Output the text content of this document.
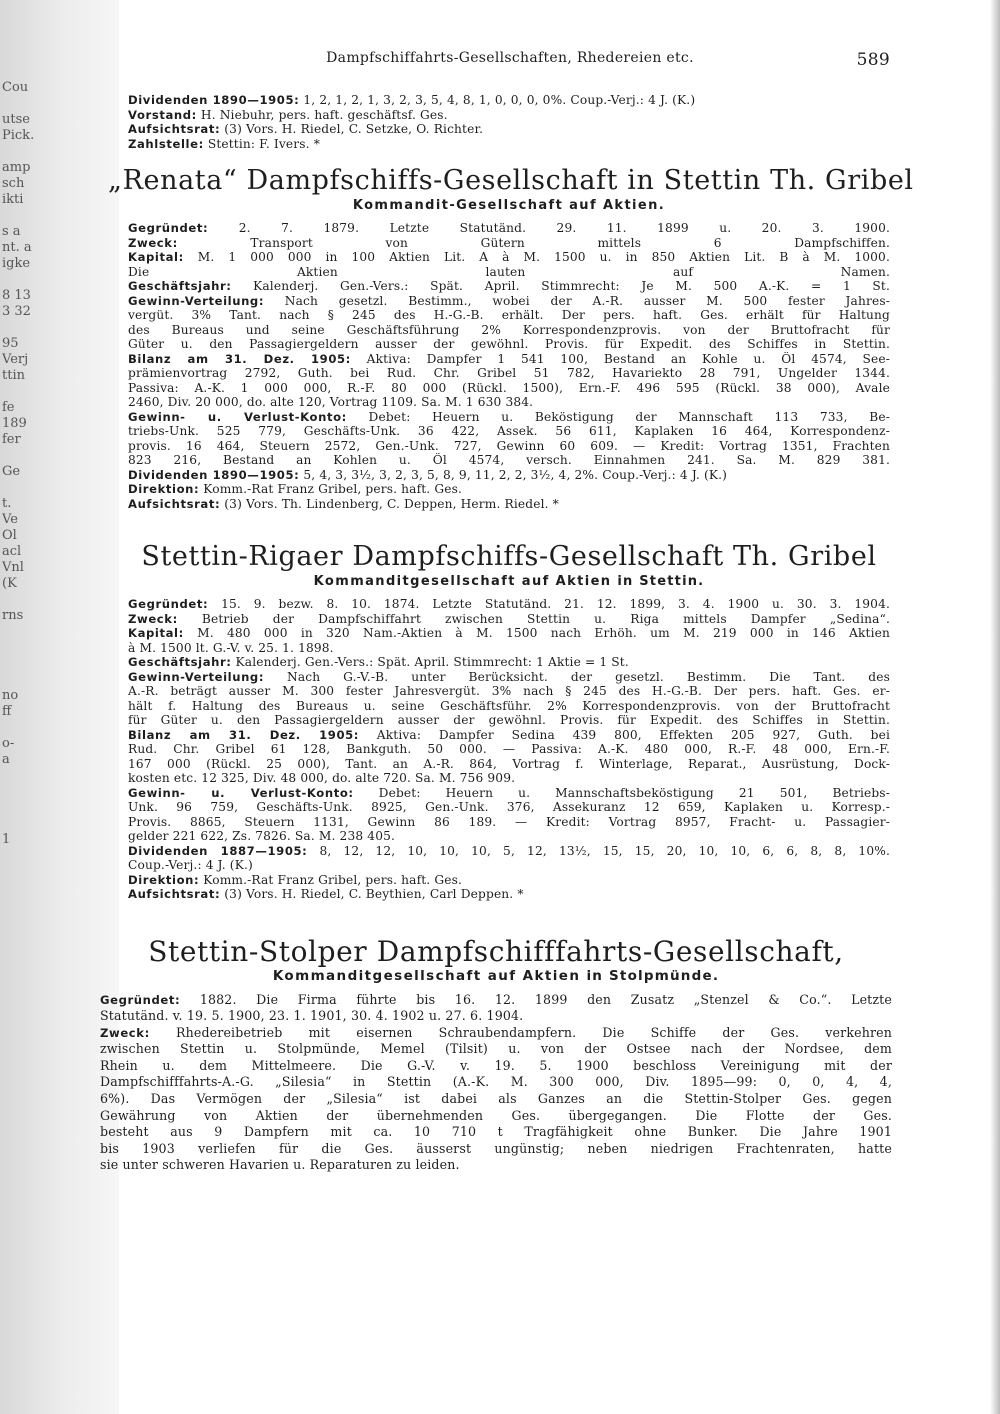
Cou
utse
Pick.
amp
sch
ikti
s a
nt. a
igke
8 13
3 32
95
Verj
ttin
fe
189
fer
Ge
t.
Ve
Ol
acl
Vnl
(K
rns
no
ff
o-
a
1
Dampfschiffahrts-Gesellschaften, Rhedereien etc.	589
Dividenden 1890—1905: 1, 2, 1, 2, 1, 3, 2, 3, 5, 4, 8, 1, 0, 0, 0, 0%. Coup.-Verj.: 4 J. (K.)
Vorstand: H. Niebuhr, pers. haft. geschäftsf. Ges.
Aufsichtsrat: (3) Vors. H. Riedel, C. Setzke, O. Richter.
Zahlstelle: Stettin: F. Ivers. *
„Renata“ Dampfschiffs-Gesellschaft in Stettin Th. Gribel
Kommandit-Gesellschaft auf Aktien.
Gegründet: 2. 7. 1879. Letzte Statutänd. 29. 11. 1899 u. 20. 3. 1900.
Zweck: Transport von Gütern mittels 6 Dampfschiffen.
Kapital: M. 1 000 000 in 100 Aktien Lit. A à M. 1500 u. in 850 Aktien Lit. B à M. 1000.
Die Aktien lauten auf Namen.
Geschäftsjahr: Kalenderj. Gen.-Vers.: Spät. April. Stimmrecht: Je M. 500 A.-K. = 1 St.
Gewinn-Verteilung: Nach gesetzl. Bestimm., wobei der A.-R. ausser M. 500 fester Jahres-
vergüt. 3% Tant. nach § 245 des H.-G.-B. erhält. Der pers. haft. Ges. erhält für Haltung
des Bureaus und seine Geschäftsführung 2% Korrespondenzprovis. von der Bruttofracht für
Güter u. den Passagiergeldern ausser der gewöhnl. Provis. für Expedit. des Schiffes in Stettin.
Bilanz am 31. Dez. 1905: Aktiva: Dampfer 1 541 100, Bestand an Kohle u. Öl 4574, See-
prämienvortrag 2792, Guth. bei Rud. Chr. Gribel 51 782, Havariekto 28 791, Ungelder 1344.
Passiva: A.-K. 1 000 000, R.-F. 80 000 (Rückl. 1500), Ern.-F. 496 595 (Rückl. 38 000), Avale
2460, Div. 20 000, do. alte 120, Vortrag 1109. Sa. M. 1 630 384.
Gewinn- u. Verlust-Konto: Debet: Heuern u. Beköstigung der Mannschaft 113 733, Be-
triebs-Unk. 525 779, Geschäfts-Unk. 36 422, Assek. 56 611, Kaplaken 16 464, Korrespondenz-
provis. 16 464, Steuern 2572, Gen.-Unk. 727, Gewinn 60 609. — Kredit: Vortrag 1351, Frachten
823 216, Bestand an Kohlen u. Öl 4574, versch. Einnahmen 241. Sa. M. 829 381.
Dividenden 1890—1905: 5, 4, 3, 3½, 3, 2, 3, 5, 8, 9, 11, 2, 2, 3½, 4, 2%. Coup.-Verj.: 4 J. (K.)
Direktion: Komm.-Rat Franz Gribel, pers. haft. Ges.
Aufsichtsrat: (3) Vors. Th. Lindenberg, C. Deppen, Herm. Riedel. *
Stettin-Rigaer Dampfschiffs-Gesellschaft Th. Gribel
Kommanditgesellschaft auf Aktien in Stettin.
Gegründet: 15. 9. bezw. 8. 10. 1874. Letzte Statutänd. 21. 12. 1899, 3. 4. 1900 u. 30. 3. 1904.
Zweck: Betrieb der Dampfschiffahrt zwischen Stettin u. Riga mittels Dampfer „Sedina“.
Kapital: M. 480 000 in 320 Nam.-Aktien à M. 1500 nach Erhöh. um M. 219 000 in 146 Aktien
à M. 1500 lt. G.-V. v. 25. 1. 1898.
Geschäftsjahr: Kalenderj. Gen.-Vers.: Spät. April. Stimmrecht: 1 Aktie = 1 St.
Gewinn-Verteilung: Nach G.-V.-B. unter Berücksicht. der gesetzl. Bestimm. Die Tant. des
A.-R. beträgt ausser M. 300 fester Jahresvergüt. 3% nach § 245 des H.-G.-B. Der pers. haft. Ges. er-
hält f. Haltung des Bureaus u. seine Geschäftsführ. 2% Korrespondenzprovis. von der Bruttofracht
für Güter u. den Passagiergeldern ausser der gewöhnl. Provis. für Expedit. des Schiffes in Stettin.
Bilanz am 31. Dez. 1905: Aktiva: Dampfer Sedina 439 800, Effekten 205 927, Guth. bei
Rud. Chr. Gribel 61 128, Bankguth. 50 000. — Passiva: A.-K. 480 000, R.-F. 48 000, Ern.-F.
167 000 (Rückl. 25 000), Tant. an A.-R. 864, Vortrag f. Winterlage, Reparat., Ausrüstung, Dock-
kosten etc. 12 325, Div. 48 000, do. alte 720. Sa. M. 756 909.
Gewinn- u. Verlust-Konto: Debet: Heuern u. Mannschaftsbeköstigung 21 501, Betriebs-
Unk. 96 759, Geschäfts-Unk. 8925, Gen.-Unk. 376, Assekuranz 12 659, Kaplaken u. Korresp.-
Provis. 8865, Steuern 1131, Gewinn 86 189. — Kredit: Vortrag 8957, Fracht- u. Passagier-
gelder 221 622, Zs. 7826. Sa. M. 238 405.
Dividenden 1887—1905: 8, 12, 12, 10, 10, 10, 5, 12, 13½, 15, 15, 20, 10, 10, 6, 6, 8, 8, 10%.
Coup.-Verj.: 4 J. (K.)
Direktion: Komm.-Rat Franz Gribel, pers. haft. Ges.
Aufsichtsrat: (3) Vors. H. Riedel, C. Beythien, Carl Deppen. *
Stettin-Stolper Dampfschifffahrts-Gesellschaft,
Kommanditgesellschaft auf Aktien in Stolpmünde.
Gegründet: 1882. Die Firma führte bis 16. 12. 1899 den Zusatz „Stenzel & Co.“. Letzte
Statutänd. v. 19. 5. 1900, 23. 1. 1901, 30. 4. 1902 u. 27. 6. 1904.
Zweck: Rhedereibetrieb mit eisernen Schraubendampfern. Die Schiffe der Ges. verkehren
zwischen Stettin u. Stolpmünde, Memel (Tilsit) u. von der Ostsee nach der Nordsee, dem
Rhein u. dem Mittelmeere. Die G.-V. v. 19. 5. 1900 beschloss Vereinigung mit der
Dampfschifffahrts-A.-G. „Silesia“ in Stettin (A.-K. M. 300 000, Div. 1895—99: 0, 0, 4, 4,
6%). Das Vermögen der „Silesia“ ist dabei als Ganzes an die Stettin-Stolper Ges. gegen
Gewährung von Aktien der übernehmenden Ges. übergegangen. Die Flotte der Ges.
besteht aus 9 Dampfern mit ca. 10 710 t Tragfähigkeit ohne Bunker. Die Jahre 1901
bis 1903 verliefen für die Ges. äusserst ungünstig; neben niedrigen Frachtenraten, hatte
sie unter schweren Havarien u. Reparaturen zu leiden.
